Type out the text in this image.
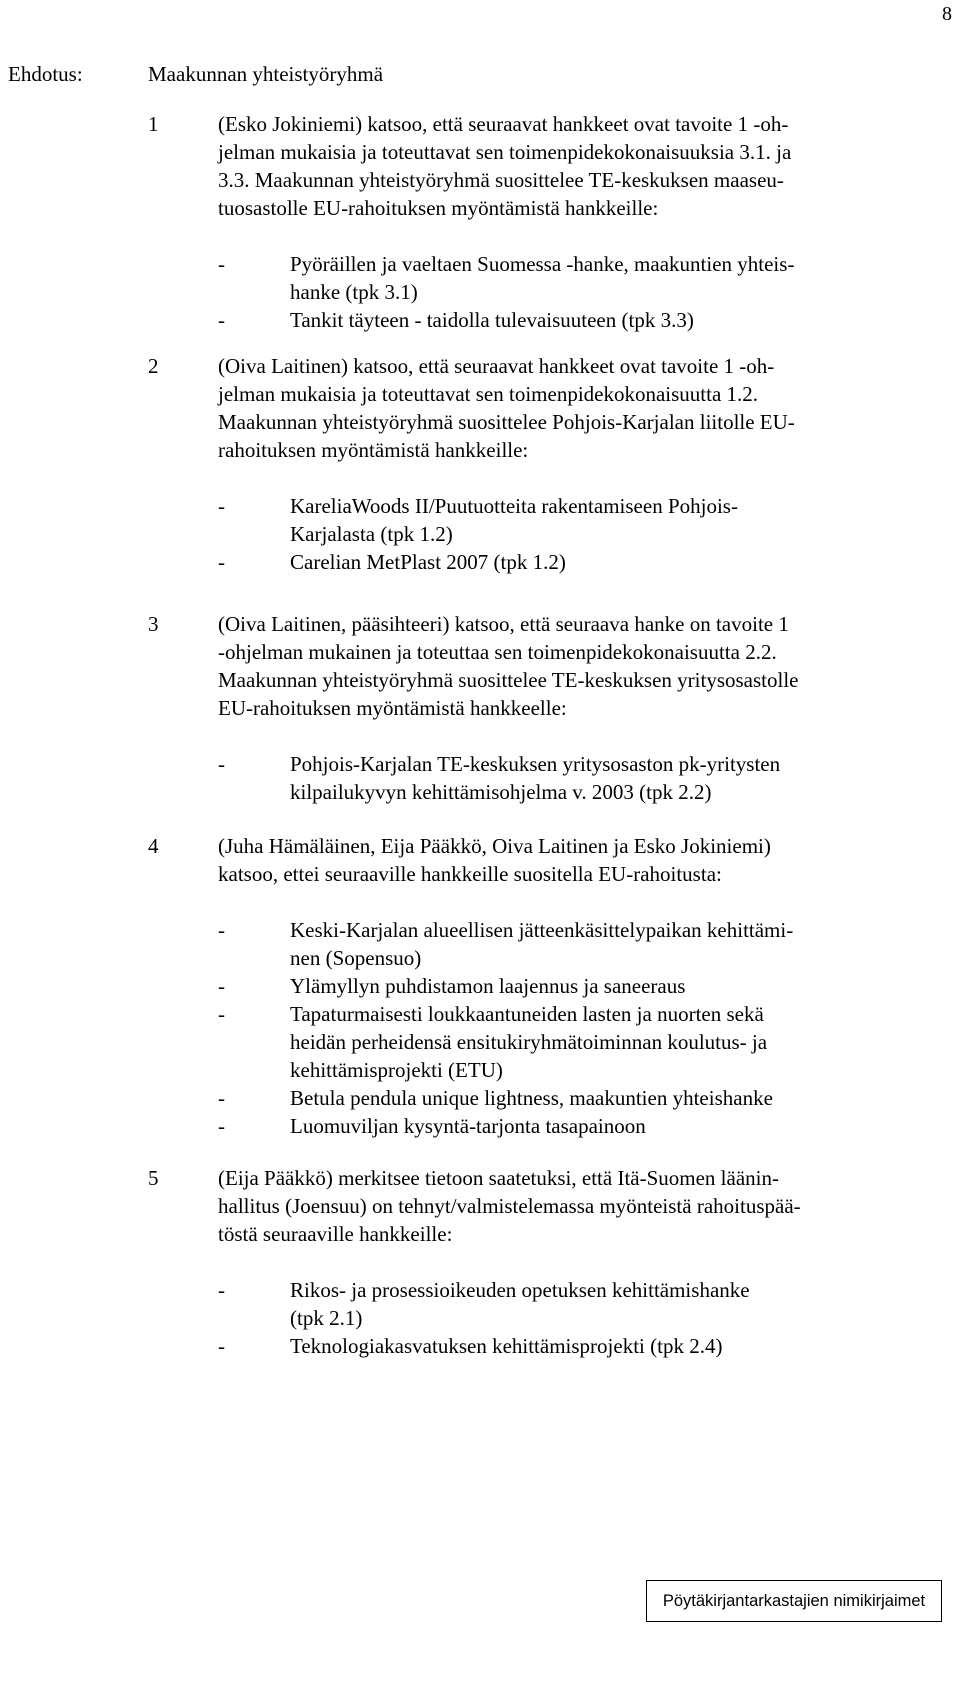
8
Ehdotus:	Maakunnan yhteistyöryhmä
1	(Esko Jokiniemi) katsoo, että seuraavat hankkeet ovat tavoite 1 -oh-
jelman mukaisia ja toteuttavat sen toimenpidekokonaisuuksia 3.1. ja
3.3. Maakunnan yhteistyöryhmä suosittelee TE-keskuksen maaseu-
tuosastolle EU-rahoituksen myöntämistä hankkeille:
-	Pyöräillen ja vaeltaen Suomessa -hanke, maakuntien yhteis-
hanke (tpk 3.1)
-	Tankit täyteen - taidolla tulevaisuuteen (tpk 3.3)
2	(Oiva Laitinen) katsoo, että seuraavat hankkeet ovat tavoite 1 -oh-
jelman mukaisia ja toteuttavat sen toimenpidekokonaisuutta 1.2.
Maakunnan yhteistyöryhmä suosittelee Pohjois-Karjalan liitolle EU-
rahoituksen myöntämistä hankkeille:
-	KareliaWoods II/Puutuotteita rakentamiseen Pohjois-
Karjalasta (tpk 1.2)
-	Carelian MetPlast 2007 (tpk 1.2)
3	(Oiva Laitinen, pääsihteeri) katsoo, että seuraava hanke on tavoite 1
-ohjelman mukainen ja toteuttaa sen toimenpidekokonaisuutta 2.2.
Maakunnan yhteistyöryhmä suosittelee TE-keskuksen yritysosastolle
EU-rahoituksen myöntämistä hankkeelle:
-	Pohjois-Karjalan TE-keskuksen yritysosaston pk-yritysten
kilpailukyvyn kehittämisohjelma v. 2003 (tpk 2.2)
4	(Juha Hämäläinen, Eija Pääkkö, Oiva Laitinen ja Esko Jokiniemi)
katsoo, ettei seuraaville hankkeille suositella EU-rahoitusta:
-	Keski-Karjalan alueellisen jätteenkäsittelypaikan kehittämi-
nen (Sopensuo)
-	Ylämyllyn puhdistamon laajennus ja saneeraus
-	Tapaturmaisesti loukkaantuneiden lasten ja nuorten sekä
heidän perheidensä ensitukiryhmätoiminnan koulutus- ja
kehittämisprojekti (ETU)
-	Betula pendula unique lightness, maakuntien yhteishanke
-	Luomuviljan kysyntä-tarjonta tasapainoon
5	(Eija Pääkkö) merkitsee tietoon saatetuksi, että Itä-Suomen läänin-
hallitus (Joensuu) on tehnyt/valmistelemassa myönteistä rahoituspää-
töstä seuraaville hankkeille:
-	Rikos- ja prosessioikeuden opetuksen kehittämishanke
(tpk 2.1)
-	Teknologiakasvatuksen kehittämisprojekti (tpk 2.4)
Pöytäkirjantarkastajien nimikirjaimet
